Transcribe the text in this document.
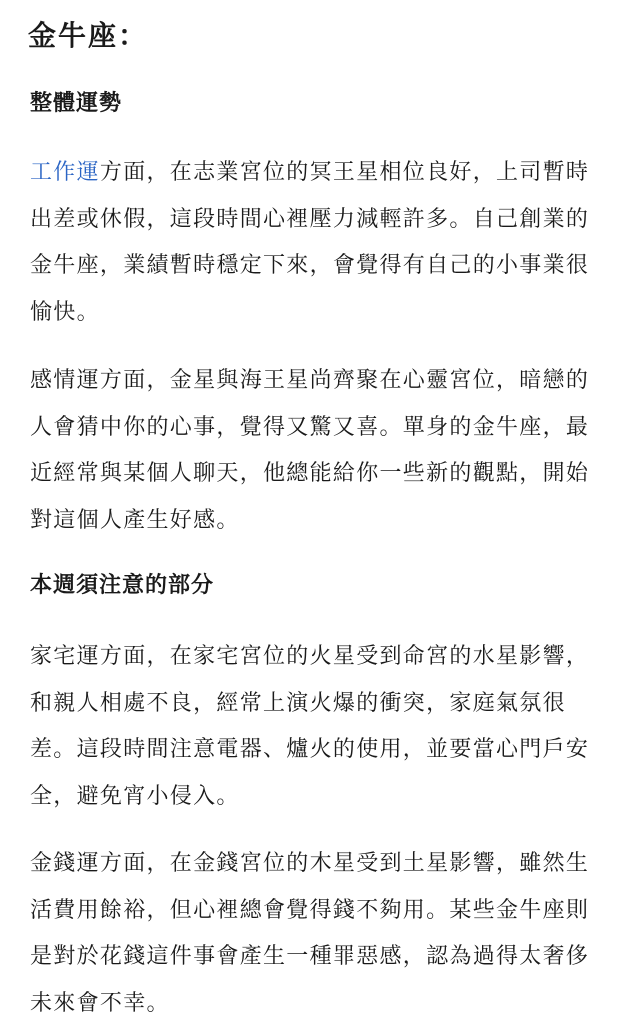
金牛座：
整體運勢

工作運方面，在志業宮位的冥王星相位良好，上司暫時出差或休假，這段時間心裡壓力減輕許多。自己創業的金牛座，業績暫時穩定下來，會覺得有自己的小事業很愉快。

感情運方面，金星與海王星尚齊聚在心靈宮位，暗戀的人會猜中你的心事，覺得又驚又喜。單身的金牛座，最近經常與某個人聊天，他總能給你一些新的觀點，開始對這個人產生好感。

本週須注意的部分

家宅運方面，在家宅宮位的火星受到命宮的水星影響，和親人相處不良，經常上演火爆的衝突，家庭氣氛很差。這段時間注意電器、爐火的使用，並要當心門戶安全，避免宵小侵入。

金錢運方面，在金錢宮位的木星受到土星影響，雖然生活費用餘裕，但心裡總會覺得錢不夠用。某些金牛座則是對於花錢這件事會產生一種罪惡感，認為過得太奢侈未來會不幸。
